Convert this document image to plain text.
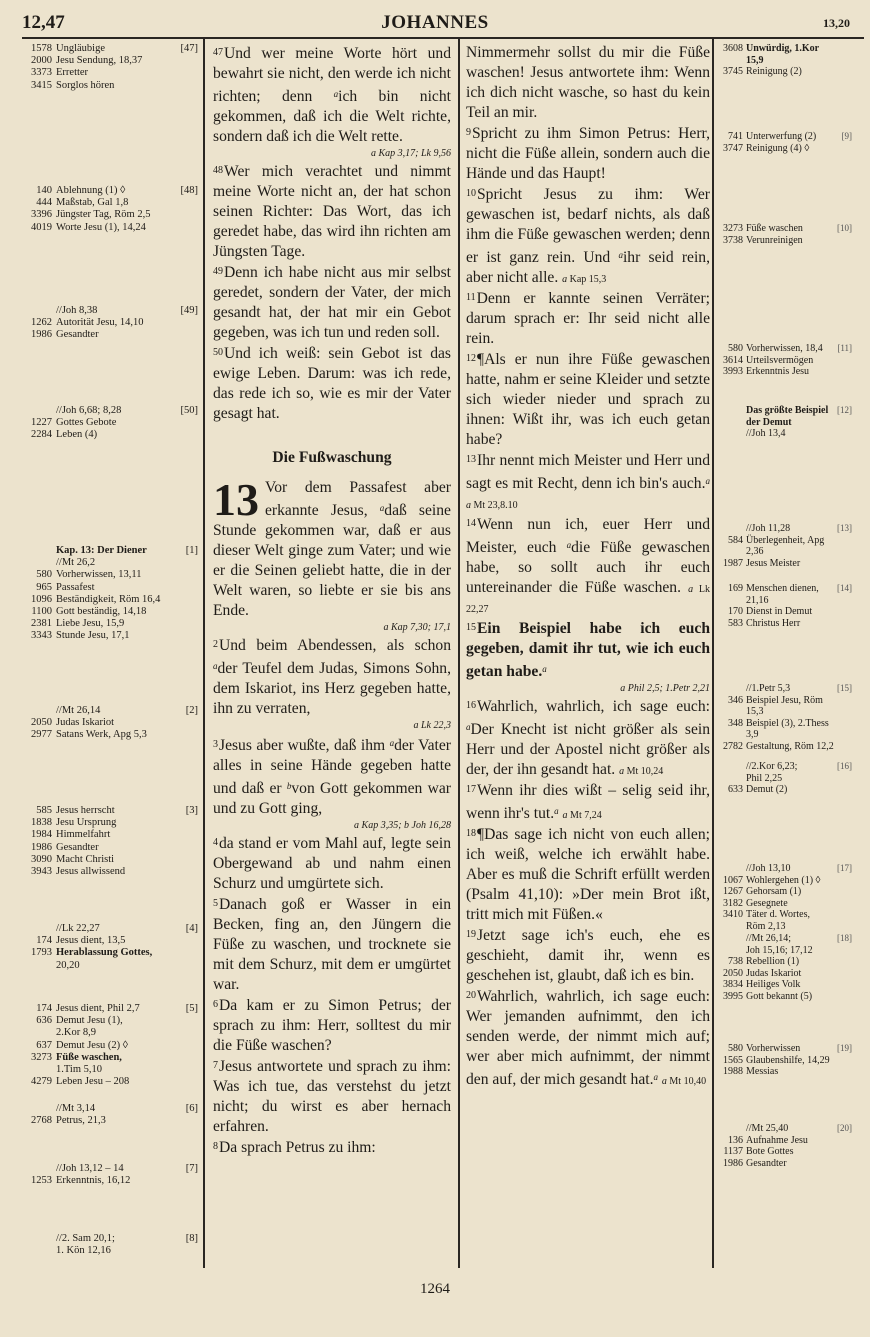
12,47	JOHANNES	13,20
1578 Ungläubige	[47]
2000 Jesu Sendung, 18,37
3373 Erretter
3415 Sorglos hören
140 Ablehnung (1) ◊	[48]
444 Maßstab, Gal 1,8
3396 Jüngster Tag, Röm 2,5
4019 Worte Jesu (1), 14,24
//Joh 8,38	[49]
1262 Autorität Jesu, 14,10
1986 Gesandter
//Joh 6,68; 8,28	[50]
1227 Gottes Gebote
2284 Leben (4)
Kap. 13: Der Diener	[1]
//Mt 26,2
580 Vorherwissen, 13,11
965 Passafest
1096 Beständigkeit, Röm 16,4
1100 Gott beständig, 14,18
2381 Liebe Jesu, 15,9
3343 Stunde Jesu, 17,1
//Mt 26,14	[2]
2050 Judas Iskariot
2977 Satans Werk, Apg 5,3
585 Jesus herrscht	[3]
1838 Jesu Ursprung
1984 Himmelfahrt
1986 Gesandter
3090 Macht Christi
3943 Jesus allwissend
//Lk 22,27	[4]
174 Jesus dient, 13,5
1793 Herablassung Gottes,
20,20
174 Jesus dient, Phil 2,7	[5]
636 Demut Jesu (1),
2.Kor 8,9
637 Demut Jesu (2) ◊
3273 Füße waschen,
1.Tim 5,10
4279 Leben Jesu – 208
//Mt 3,14	[6]
2768 Petrus, 21,3
//Joh 13,12 – 14	[7]
1253 Erkenntnis, 16,12
//2. Sam 20,1;	[8]
1. Kön 12,16
3608 Unwürdig, 1.Kor 15,9
3745 Reinigung (2)
741 Unterwerfung (2)	[9]
3747 Reinigung (4) ◊
3273 Füße waschen	[10]
3738 Verunreinigen
580 Vorherwissen, 18,4	[11]
3614 Urteilsvermögen
3993 Erkenntnis Jesu
Das größte Beispiel [12]
der Demut
//Joh 13,4
//Joh 11,28	[13]
584 Überlegenheit, Apg 2,36
1987 Jesus Meister
169 Menschen dienen,	[14]
21,16
170 Dienst in Demut
583 Christus Herr
//1.Petr 5,3	[15]
346 Beispiel Jesu, Röm 15,3
348 Beispiel (3), 2.Thess 3,9
2782 Gestaltung, Röm 12,2
//2.Kor 6,23;	[16]
Phil 2,25
633 Demut (2)
//Joh 13,10	[17]
1067 Wohlergehen (1) ◊
1267 Gehorsam (1)
3182 Gesegnete
3410 Täter d. Wortes,
Röm 2,13
//Mt 26,14;	[18]
Joh 15,16; 17,12
738 Rebellion (1)
2050 Judas Iskariot
3834 Heiliges Volk
3995 Gott bekannt (5)
580 Vorherwissen	[19]
1565 Glaubenshilfe, 14,29
1988 Messias
//Mt 25,40	[20]
136 Aufnahme Jesu
1137 Bote Gottes
1986 Gesandter

$^{47}$Und wer meine Worte hört und bewahrt sie nicht, den werde ich nicht richten; denn $^a$ich bin nicht gekommen, daß ich die Welt richte, sondern daß ich die Welt rette.

a Kap 3,17; Lk 9,56

$^{48}$Wer mich verachtet und nimmt meine Worte nicht an, der hat schon seinen Richter: Das Wort, das ich geredet habe, das wird ihn richten am Jüngsten Tage.

$^{49}$Denn ich habe nicht aus mir selbst geredet, sondern der Vater, der mich gesandt hat, der hat mir ein Gebot gegeben, was ich tun und reden soll.

$^{50}$Und ich weiß: sein Gebot ist das ewige Leben. Darum: was ich rede, das rede ich so, wie es mir der Vater gesagt hat.

Die Fußwaschung

13 Vor dem Passafest aber erkannte Jesus, $^a$daß seine Stunde gekommen war, daß er aus dieser Welt ginge zum Vater; und wie er die Seinen geliebt hatte, die in der Welt waren, so liebte er sie bis ans Ende.

a Kap 7,30; 17,1

$^2$Und beim Abendessen, als schon $^a$der Teufel dem Judas, Simons Sohn, dem Iskariot, ins Herz gegeben hatte, ihn zu verraten,

a Lk 22,3

$^3$Jesus aber wußte, daß ihm $^a$der Vater alles in seine Hände gegeben hatte und daß er $^b$von Gott gekommen war und zu Gott ging,

a Kap 3,35; b Joh 16,28

$^4$da stand er vom Mahl auf, legte sein Obergewand ab und nahm einen Schurz und umgürtete sich.

$^5$Danach goß er Wasser in ein Becken, fing an, den Jüngern die Füße zu waschen, und trocknete sie mit dem Schurz, mit dem er umgürtet war.

$^6$Da kam er zu Simon Petrus; der sprach zu ihm: Herr, solltest du mir die Füße waschen?

$^7$Jesus antwortete und sprach zu ihm: Was ich tue, das verstehst du jetzt nicht; du wirst es aber hernach erfahren.

$^8$Da sprach Petrus zu ihm:

Nimmermehr sollst du mir die Füße waschen! Jesus antwortete ihm: Wenn ich dich nicht wasche, so hast du kein Teil an mir.

$^9$Spricht zu ihm Simon Petrus: Herr, nicht die Füße allein, sondern auch die Hände und das Haupt!

$^{10}$Spricht Jesus zu ihm: Wer gewaschen ist, bedarf nichts, als daß ihm die Füße gewaschen werden; denn er ist ganz rein. Und $^a$ihr seid rein, aber nicht alle. a Kap 15,3

$^{11}$Denn er kannte seinen Verräter; darum sprach er: Ihr seid nicht alle rein.

$^{12}$¶Als er nun ihre Füße gewaschen hatte, nahm er seine Kleider und setzte sich wieder nieder und sprach zu ihnen: Wißt ihr, was ich euch getan habe?

$^{13}$Ihr nennt mich Meister und Herr und sagt es mit Recht, denn ich bin's auch.$^a$ a Mt 23,8.10

$^{14}$Wenn nun ich, euer Herr und Meister, euch $^a$die Füße gewaschen habe, so sollt auch ihr euch untereinander die Füße waschen. a Lk 22,27

$^{15}$Ein Beispiel habe ich euch gegeben, damit ihr tut, wie ich euch getan habe.$^a$

a Phil 2,5; 1.Petr 2,21

$^{16}$Wahrlich, wahrlich, ich sage euch: $^a$Der Knecht ist nicht größer als sein Herr und der Apostel nicht größer als der, der ihn gesandt hat. a Mt 10,24

$^{17}$Wenn ihr dies wißt – selig seid ihr, wenn ihr's tut.$^a$ a Mt 7,24

$^{18}$¶Das sage ich nicht von euch allen; ich weiß, welche ich erwählt habe. Aber es muß die Schrift erfüllt werden (Psalm 41,10): »Der mein Brot ißt, tritt mich mit Füßen.«

$^{19}$Jetzt sage ich's euch, ehe es geschieht, damit ihr, wenn es geschehen ist, glaubt, daß ich es bin.

$^{20}$Wahrlich, wahrlich, ich sage euch: Wer jemanden aufnimmt, den ich senden werde, der nimmt mich auf; wer aber mich aufnimmt, der nimmt den auf, der mich gesandt hat.$^a$ a Mt 10,40

1264
